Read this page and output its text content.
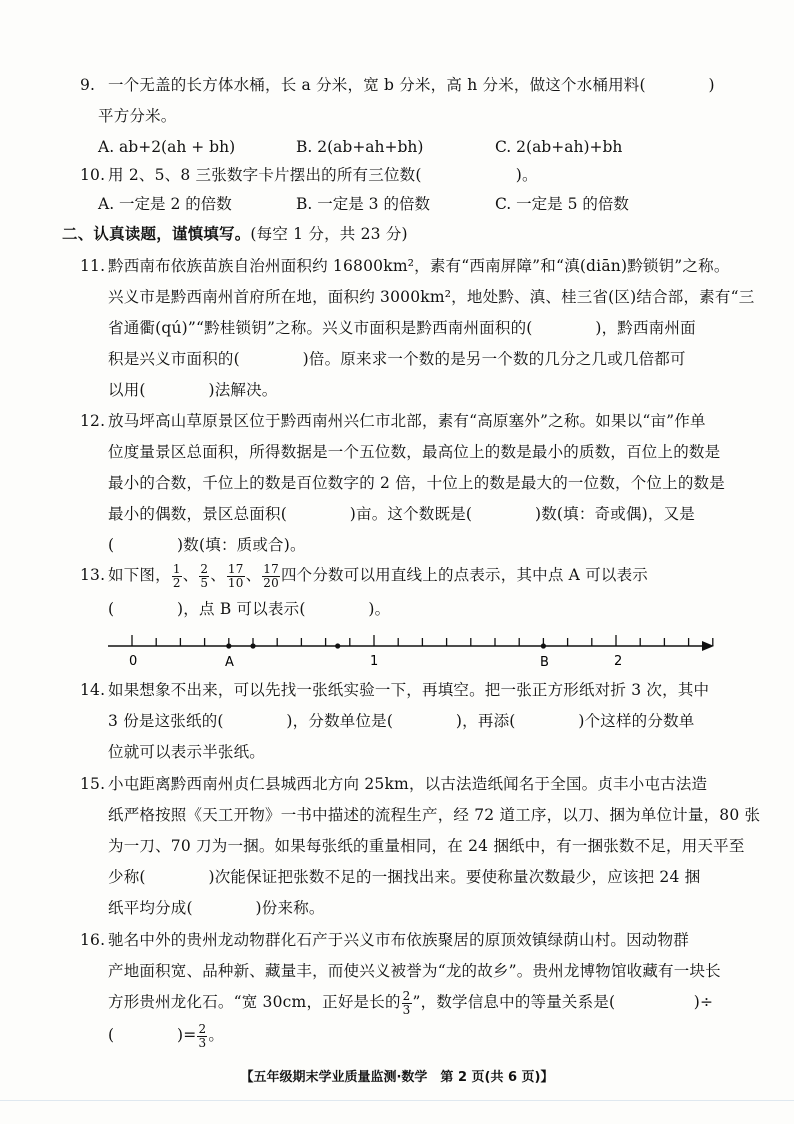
9. 一个无盖的长方体水桶，长 a 分米，宽 b 分米，高 h 分米，做这个水桶用料(　　　　)
平方分米。
A. ab+2(ah + bh)	B. 2(ab+ah+bh)	C. 2(ab+ah)+bh
10. 用 2、5、8 三张数字卡片摆出的所有三位数(　　　　　　)。
A. 一定是 2 的倍数	B. 一定是 3 的倍数	C. 一定是 5 的倍数
二、认真读题，谨慎填写。(每空 1 分，共 23 分)
11. 黔西南布依族苗族自治州面积约 16800km²，素有“西南屏障”和“滇(diān)黔锁钥”之称。
兴义市是黔西南州首府所在地，面积约 3000km²，地处黔、滇、桂三省(区)结合部，素有“三
省通衢(qú)”“黔桂锁钥”之称。兴义市面积是黔西南州面积的(　　　　)，黔西南州面
积是兴义市面积的(　　　　)倍。原来求一个数的是另一个数的几分之几或几倍都可
以用(　　　　)法解决。
12. 放马坪高山草原景区位于黔西南州兴仁市北部，素有“高原塞外”之称。如果以“亩”作单
位度量景区总面积，所得数据是一个五位数，最高位上的数是最小的质数，百位上的数是
最小的合数，千位上的数是百位数字的 2 倍，十位上的数是最大的一位数，个位上的数是
最小的偶数，景区总面积(　　　　)亩。这个数既是(　　　　)数(填：奇或偶)，又是
(　　　　)数(填：质或合)。
13. 如下图， $\frac{1}{2}$ 、 $\frac{2}{5}$ 、 $\frac{17}{10}$ 、 $\frac{17}{20}$ 四个分数可以用直线上的点表示，其中点 A 可以表示
(　　　　)，点 B 可以表示(　　　　)。
0	A	1	B	2
14. 如果想象不出来，可以先找一张纸实验一下，再填空。把一张正方形纸对折 3 次，其中
3 份是这张纸的(　　　　)，分数单位是(　　　　)，再添(　　　　)个这样的分数单
位就可以表示半张纸。
15. 小屯距离黔西南州贞仁县城西北方向 25km，以古法造纸闻名于全国。贞丰小屯古法造
纸严格按照《天工开物》一书中描述的流程生产，经 72 道工序，以刀、捆为单位计量，80 张
为一刀、70 刀为一捆。如果每张纸的重量相同，在 24 捆纸中，有一捆张数不足，用天平至
少称(　　　　)次能保证把张数不足的一捆找出来。要使称量次数最少，应该把 24 捆
纸平均分成(　　　　)份来称。
16. 驰名中外的贵州龙动物群化石产于兴义市布依族聚居的原顶效镇绿荫山村。因动物群
产地面积宽、品种新、藏量丰，而使兴义被誉为“龙的故乡”。贵州龙博物馆收藏有一块长
方形贵州龙化石。“宽 30cm，正好是长的 $\frac{2}{3}$ ”，数学信息中的等量关系是(　　　　　)÷
(　　　　)= $\frac{2}{3}$ 。
【五年级期末学业质量监测·数学　第 2 页(共 6 页)】
